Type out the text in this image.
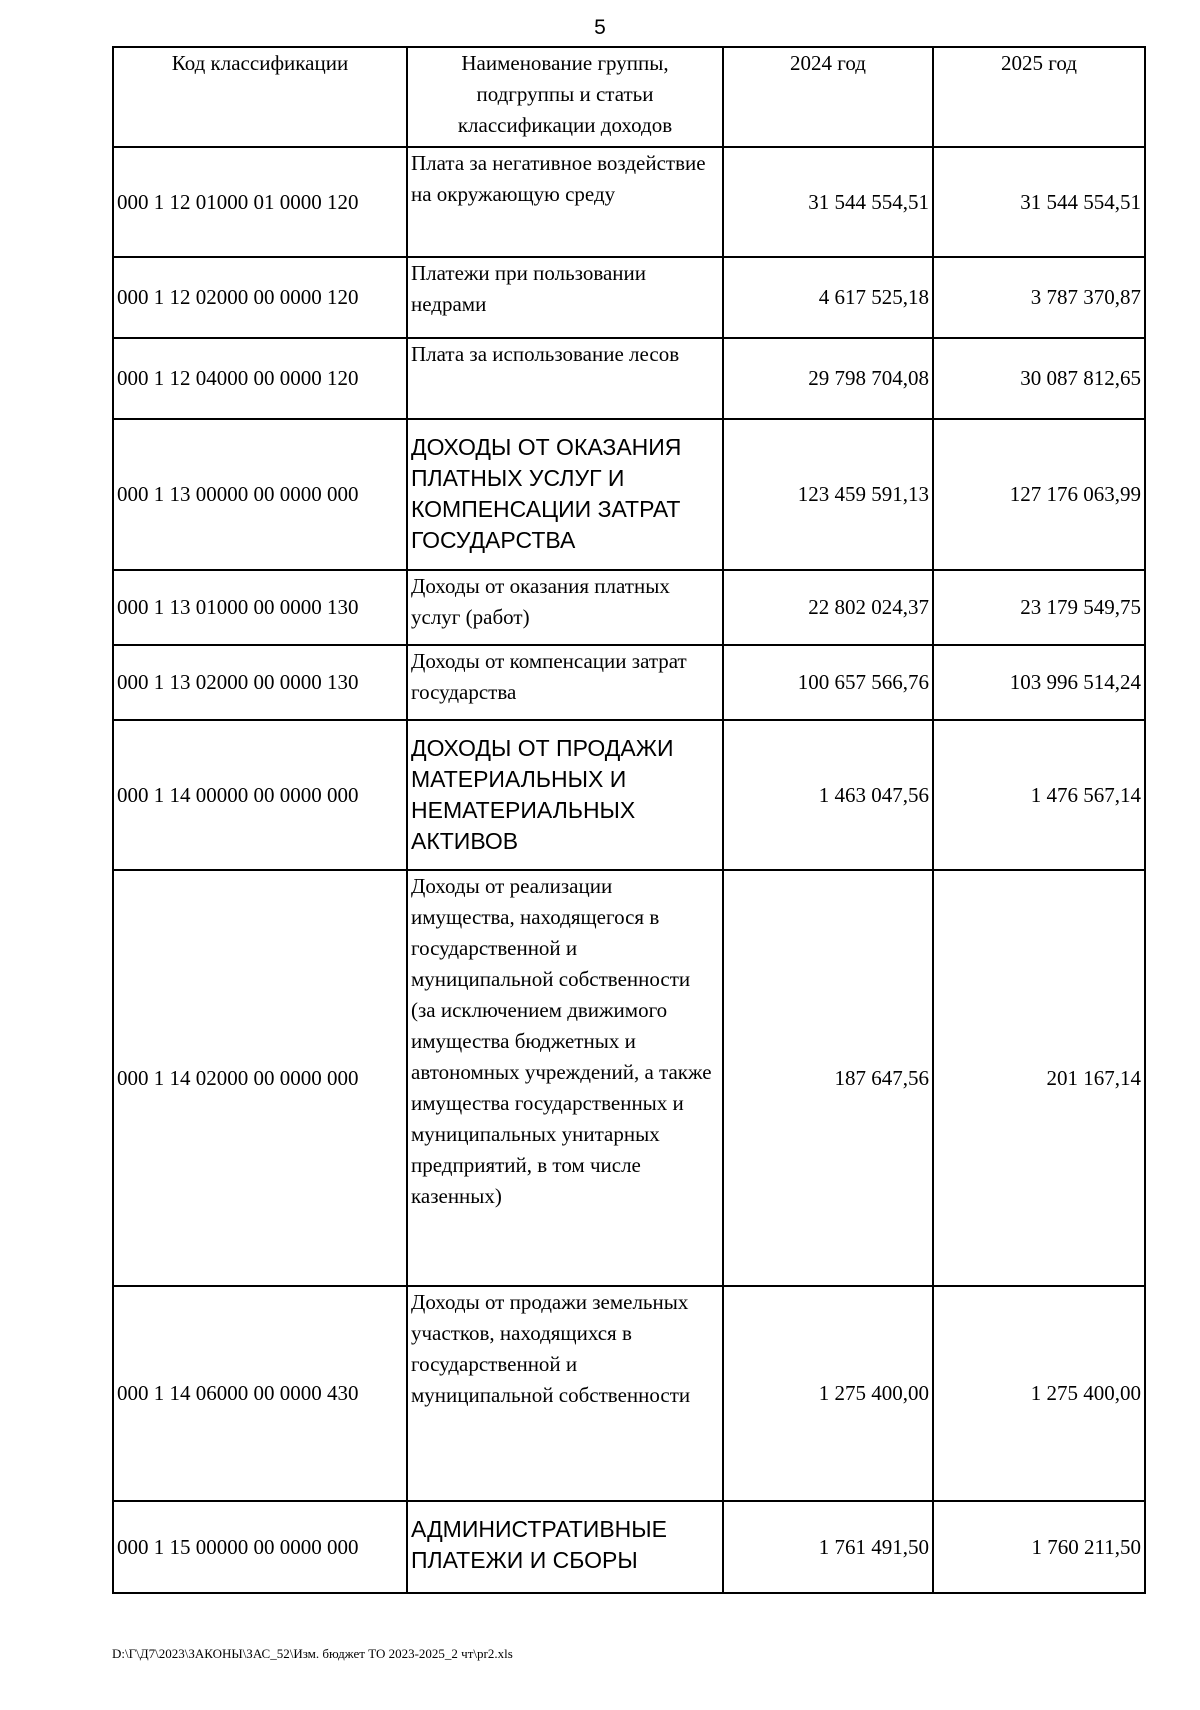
5
Код классификации	Наименование группы, подгруппы и статьи классификации доходов	2024 год	2025 год
000 1 12 01000 01 0000 120	Плата за негативное воздействие на окружающую среду	31 544 554,51	31 544 554,51
000 1 12 02000 00 0000 120	Платежи при пользовании недрами	4 617 525,18	3 787 370,87
000 1 12 04000 00 0000 120	Плата за использование лесов	29 798 704,08	30 087 812,65
000 1 13 00000 00 0000 000	ДОХОДЫ ОТ ОКАЗАНИЯ ПЛАТНЫХ УСЛУГ И КОМПЕНСАЦИИ ЗАТРАТ ГОСУДАРСТВА	123 459 591,13	127 176 063,99
000 1 13 01000 00 0000 130	Доходы от оказания платных услуг (работ)	22 802 024,37	23 179 549,75
000 1 13 02000 00 0000 130	Доходы от компенсации затрат государства	100 657 566,76	103 996 514,24
000 1 14 00000 00 0000 000	ДОХОДЫ ОТ ПРОДАЖИ МАТЕРИАЛЬНЫХ И НЕМАТЕРИАЛЬНЫХ АКТИВОВ	1 463 047,56	1 476 567,14
000 1 14 02000 00 0000 000	Доходы от реализации имущества, находящегося в государственной и муниципальной собственности (за исключением движимого имущества бюджетных и автономных учреждений, а также имущества государственных и муниципальных унитарных предприятий, в том числе казенных)	187 647,56	201 167,14
000 1 14 06000 00 0000 430	Доходы от продажи земельных участков, находящихся в государственной и муниципальной собственности	1 275 400,00	1 275 400,00
000 1 15 00000 00 0000 000	АДМИНИСТРАТИВНЫЕ ПЛАТЕЖИ И СБОРЫ	1 761 491,50	1 760 211,50
D:\Г\Д7\2023\ЗАКОНЫ\ЗАС_52\Изм. бюджет ТО 2023-2025_2 чт\pr2.xls
